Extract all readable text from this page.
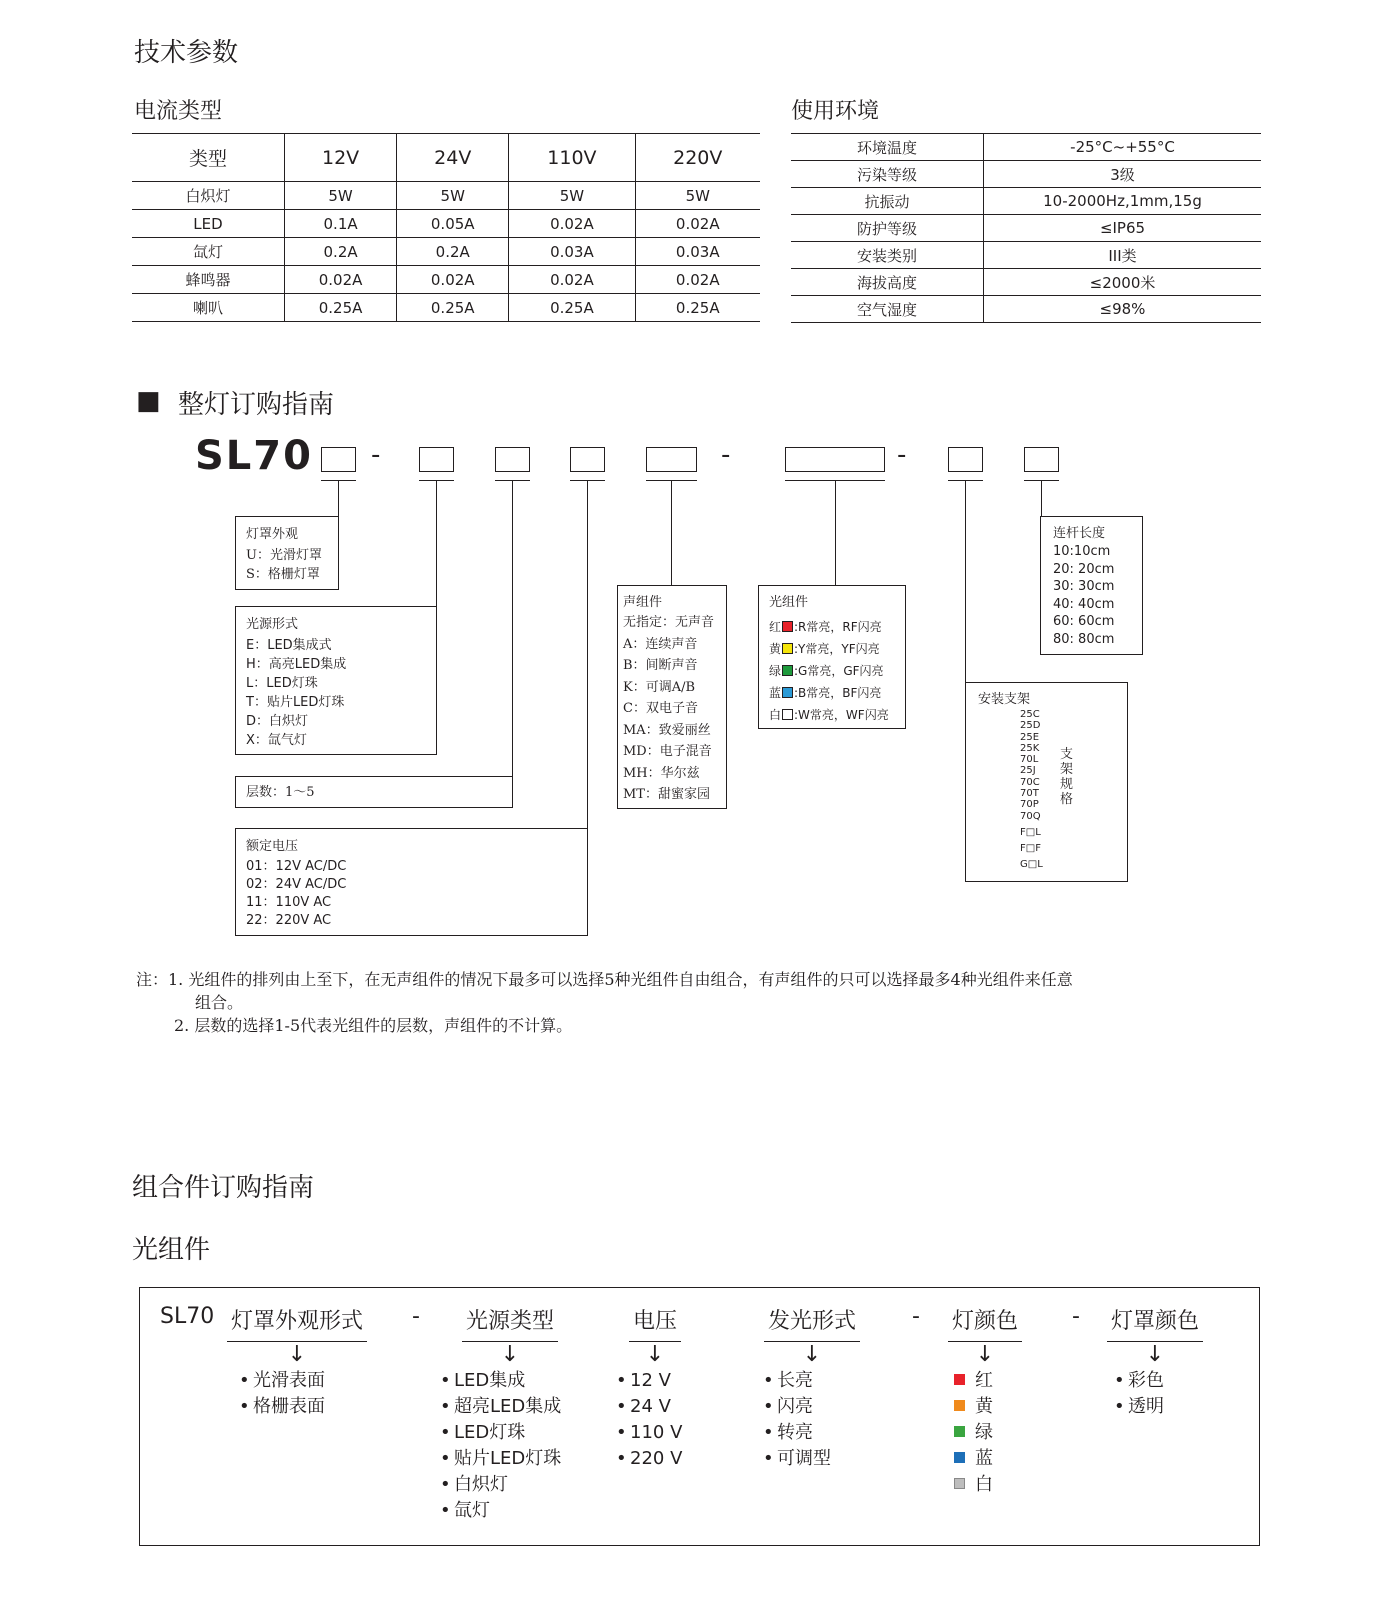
技术参数
电流类型	使用环境
类型	12V	24V	110V	220V
白炽灯	5W	5W	5W	5W
LED	0.1A	0.05A	0.02A	0.02A
氙灯	0.2A	0.2A	0.03A	0.03A
蜂鸣器	0.02A	0.02A	0.02A	0.02A
喇叭	0.25A	0.25A	0.25A	0.25A
环境温度	-25°C~+55°C
污染等级	3级
抗振动	10-2000Hz,1mm,15g
防护等级	≤IP65
安装类别	III类
海拔高度	≤2000米
空气湿度	≤98%
■ 整灯订购指南
SL70 -	-	-
灯罩外观
U：光滑灯罩
S：格栅灯罩
光源形式
E：LED集成式
H：高亮LED集成
L：LED灯珠
T：贴片LED灯珠
D：白炽灯
X：氙气灯
层数：1～5
额定电压
01：12V AC/DC
02：24V AC/DC
11：110V AC
22：220V AC
声组件
无指定：无声音
A：连续声音
B：间断声音
K：可调A/B
C：双电子音
MA：致爱丽丝
MD：电子混音
MH：华尔兹
MT：甜蜜家园
光组件
红 :R常亮，RF闪亮
黄 :Y常亮，YF闪亮
绿 :G常亮，GF闪亮
蓝 :B常亮，BF闪亮
白 :W常亮，WF闪亮
连杆长度
10:10cm
20: 20cm
30: 30cm
40: 40cm
60: 60cm
80: 80cm
安装支架
25C
25D
25E
25K
70L
25J
70C
70T
70P
70Q
支架规格
F□L
F□F
G□L
注：1. 光组件的排列由上至下，在无声组件的情况下最多可以选择5种光组件自由组合，有声组件的只可以选择最多4种光组件来任意
组合。
2. 层数的选择1-5代表光组件的层数，声组件的不计算。
组合件订购指南
光组件
SL70 灯罩外观形式
↓
• 光滑表面
• 格栅表面
-	光源类型
↓
• LED集成
• 超亮LED集成
• LED灯珠
• 贴片LED灯珠
• 白炽灯
• 氙灯
电压
↓
• 12 V
• 24 V
• 110 V
• 220 V
发光形式
↓
• 长亮
• 闪亮
• 转亮
• 可调型
-	灯颜色
↓
红
黄
绿
蓝
白
-	灯罩颜色
↓
• 彩色
• 透明
